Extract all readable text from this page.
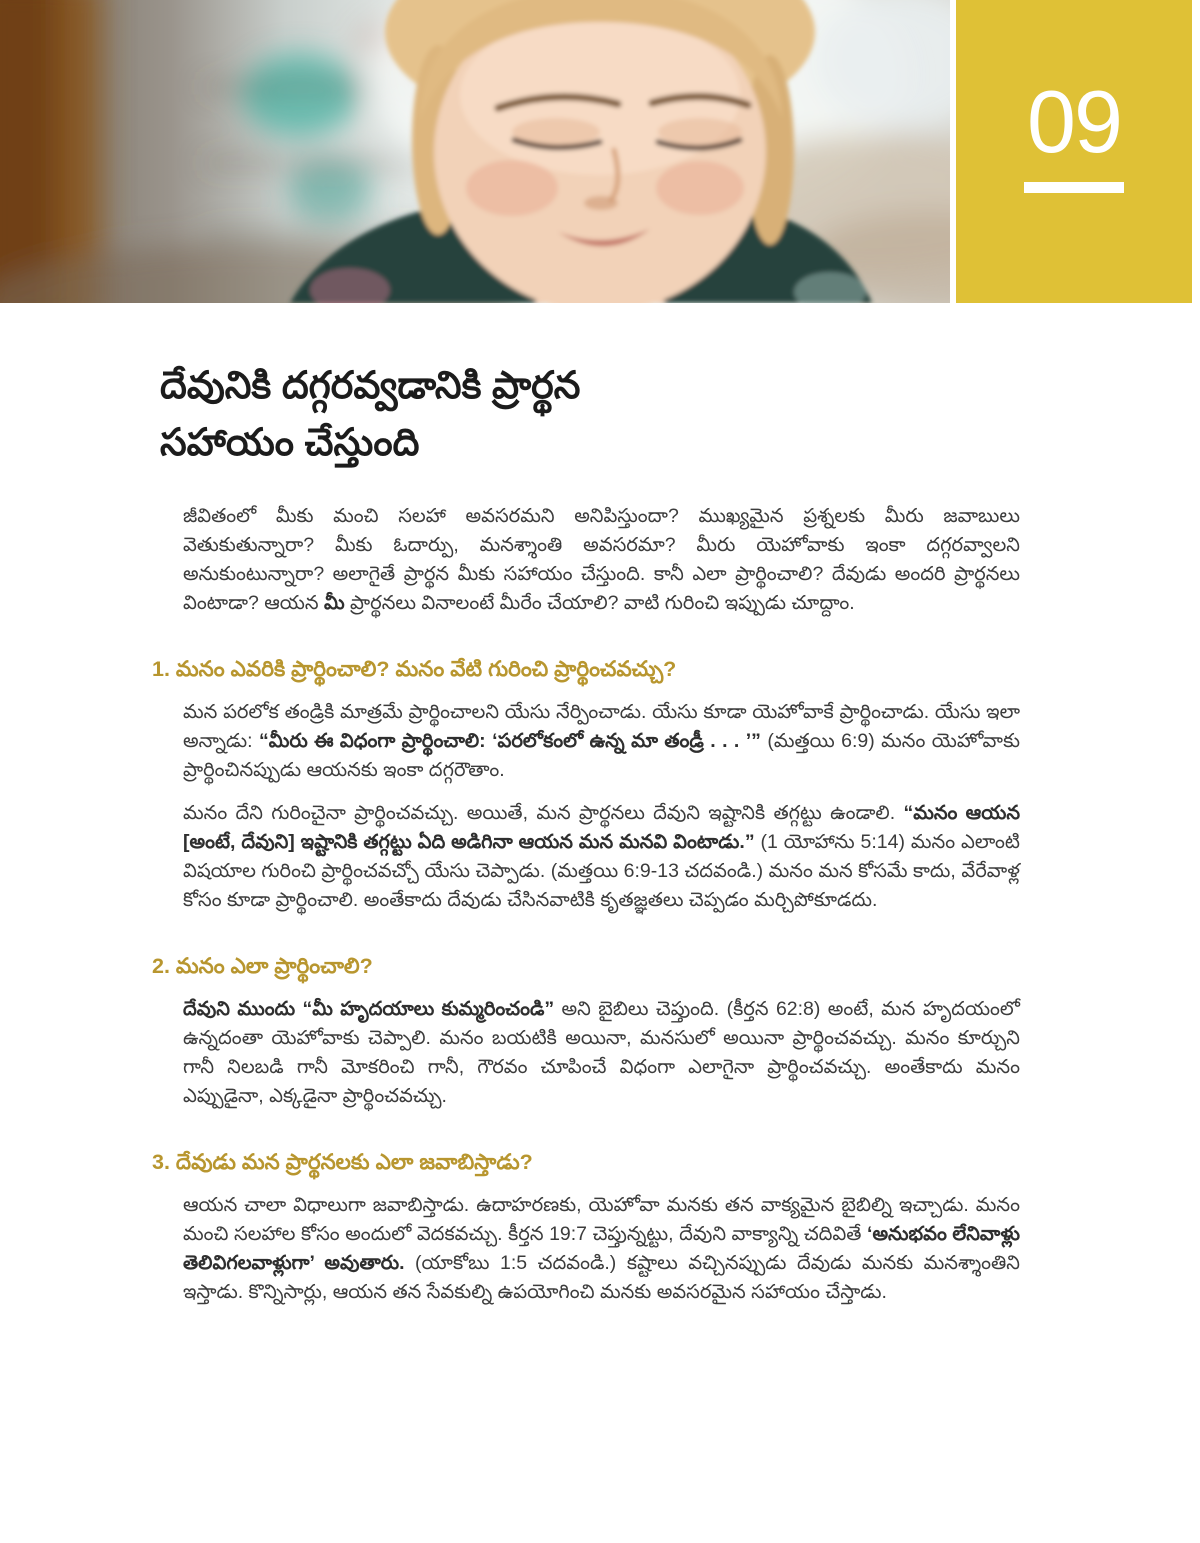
09
దేవునికి దగ్గరవ్వడానికి ప్రార్థన
సహాయం చేస్తుంది

జీవితంలో మీకు మంచి సలహా అవసరమని అనిపిస్తుందా? ముఖ్యమైన ప్రశ్నలకు మీరు జవాబులు వెతుకుతున్నారా? మీకు ఓదార్పు, మనశ్శాంతి అవసరమా? మీరు యెహోవాకు ఇంకా దగ్గరవ్వాలని అనుకుంటున్నారా? అలాగైతే ప్రార్థన మీకు సహాయం చేస్తుంది. కానీ ఎలా ప్రార్థించాలి? దేవుడు అందరి ప్రార్థనలు వింటాడా? ఆయన మీ ప్రార్థనలు వినాలంటే మీరేం చేయాలి? వాటి గురించి ఇప్పుడు చూద్దాం.

1. మనం ఎవరికి ప్రార్థించాలి? మనం వేటి గురించి ప్రార్థించవచ్చు?

మన పరలోక తండ్రికి మాత్రమే ప్రార్థించాలని యేసు నేర్పించాడు. యేసు కూడా యెహోవాకే ప్రార్థించాడు. యేసు ఇలా అన్నాడు: “మీరు ఈ విధంగా ప్రార్థించాలి: ‘పరలోకంలో ఉన్న మా తండ్రీ . . . ’” (మత్తయి 6:9) మనం యెహోవాకు ప్రార్థించినప్పుడు ఆయనకు ఇంకా దగ్గరౌతాం.

మనం దేని గురించైనా ప్రార్థించవచ్చు. అయితే, మన ప్రార్థనలు దేవుని ఇష్టానికి తగ్గట్టు ఉండాలి. “మనం ఆయన [అంటే, దేవుని] ఇష్టానికి తగ్గట్టు ఏది అడిగినా ఆయన మన మనవి వింటాడు.” (1 యోహాను 5:14) మనం ఎలాంటి విషయాల గురించి ప్రార్థించవచ్చో యేసు చెప్పాడు. (మత్తయి 6:9-13 చదవండి.) మనం మన కోసమే కాదు, వేరేవాళ్ల కోసం కూడా ప్రార్థించాలి. అంతేకాదు దేవుడు చేసినవాటికి కృతజ్ఞతలు చెప్పడం మర్చిపోకూడదు.

2. మనం ఎలా ప్రార్థించాలి?

దేవుని ముందు “మీ హృదయాలు కుమ్మరించండి” అని బైబిలు చెప్తుంది. (కీర్తన 62:8) అంటే, మన హృదయంలో ఉన్నదంతా యెహోవాకు చెప్పాలి. మనం బయటికి అయినా, మనసులో అయినా ప్రార్థించవచ్చు. మనం కూర్చుని గానీ నిలబడి గానీ మోకరించి గానీ, గౌరవం చూపించే విధంగా ఎలాగైనా ప్రార్థించవచ్చు. అంతేకాదు మనం ఎప్పుడైనా, ఎక్కడైనా ప్రార్థించవచ్చు.

3. దేవుడు మన ప్రార్థనలకు ఎలా జవాబిస్తాడు?

ఆయన చాలా విధాలుగా జవాబిస్తాడు. ఉదాహరణకు, యెహోవా మనకు తన వాక్యమైన బైబిల్ని ఇచ్చాడు. మనం మంచి సలహాల కోసం అందులో వెదకవచ్చు. కీర్తన 19:7 చెప్తున్నట్టు, దేవుని వాక్యాన్ని చదివితే ‘అనుభవం లేనివాళ్లు తెలివిగలవాళ్లుగా’ అవుతారు. (యాకోబు 1:5 చదవండి.) కష్టాలు వచ్చినప్పుడు దేవుడు మనకు మనశ్శాంతిని ఇస్తాడు. కొన్నిసార్లు, ఆయన తన సేవకుల్ని ఉపయోగించి మనకు అవసరమైన సహాయం చేస్తాడు.
